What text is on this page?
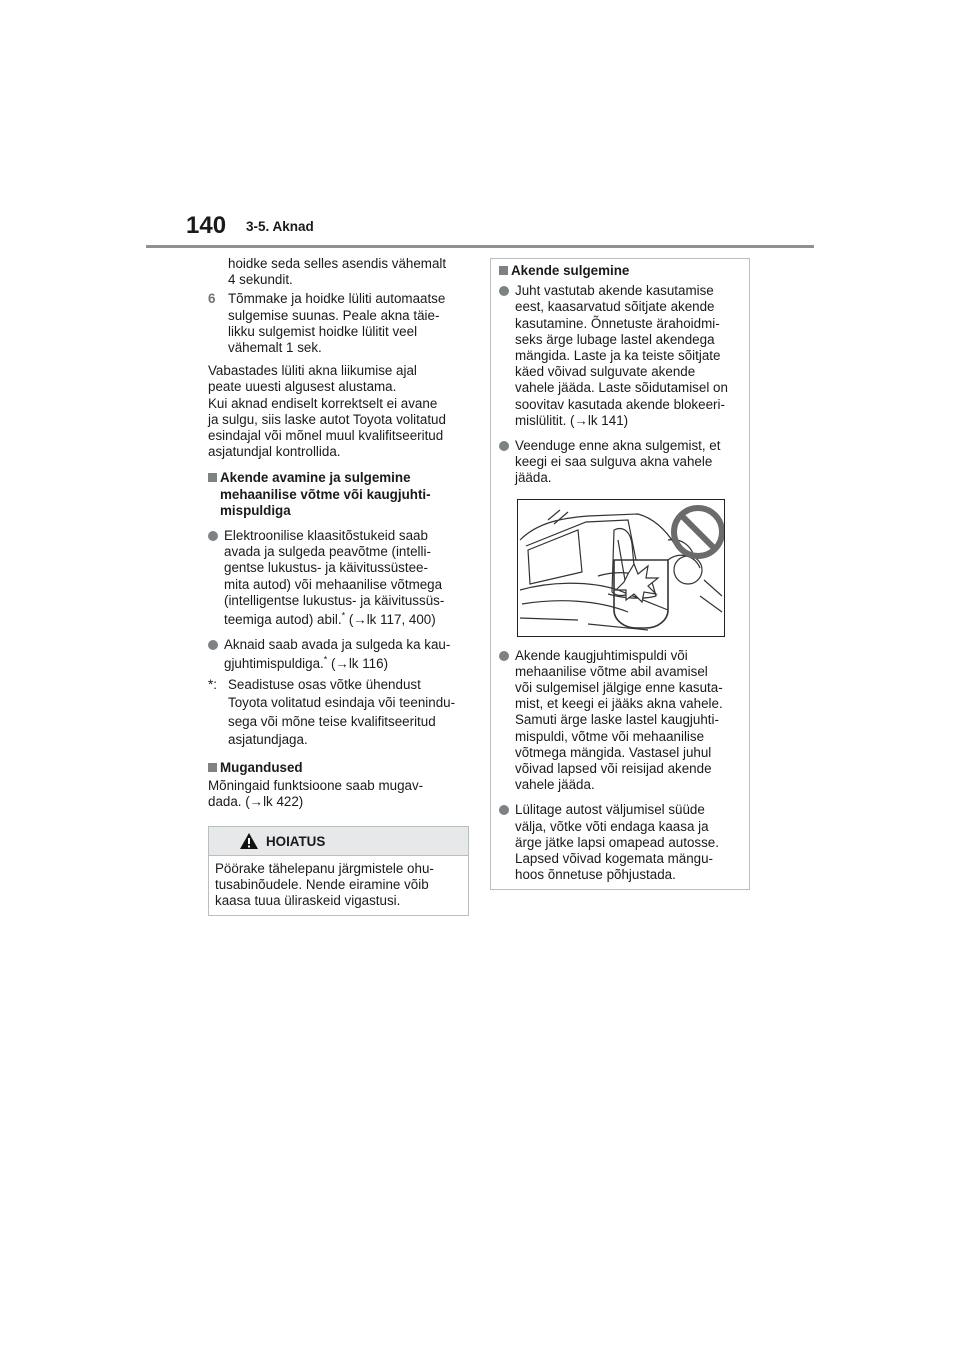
140 3-5. Aknad

hoidke seda selles asendis vähemalt

4 sekundit.

6 Tõmmake ja hoidke lüliti automaatse

sulgemise suunas. Peale akna täie-

likku sulgemist hoidke lülitit veel

vähemalt 1 sek.

Vabastades lüliti akna liikumise ajal

peate uuesti algusest alustama.

Kui aknad endiselt korrektselt ei avane

ja sulgu, siis laske autot Toyota volitatud

esindajal või mõnel muul kvalifitseeritud

asjatundjal kontrollida.

Akende avamine ja sulgemine

mehaanilise võtme või kaugjuhti-

mispuldiga

Elektroonilise klaasitõstukeid saab

avada ja sulgeda peavõtme (intelli-

gentse lukustus- ja käivitussüstee-

mita autod) või mehaanilise võtmega

(intelligentse lukustus- ja käivitussüs-

teemiga autod) abil.* (→lk 117, 400)

Aknaid saab avada ja sulgeda ka kau-

gjuhtimispuldiga.* (→lk 116)

*: Seadistuse osas võtke ühendust

Toyota volitatud esindaja või teenindu-

sega või mõne teise kvalifitseeritud

asjatundjaga.

Mugandused

Mõningaid funktsioone saab mugav-

dada. (→lk 422)

HOIATUS

Pöörake tähelepanu järgmistele ohu-

tusabinõudele. Nende eiramine võib

kaasa tuua üliraskeid vigastusi.

Akende sulgemine

Juht vastutab akende kasutamise

eest, kaasarvatud sõitjate akende

kasutamine. Õnnetuste ärahoidmi-

seks ärge lubage lastel akendega

mängida. Laste ja ka teiste sõitjate

käed võivad sulguvate akende

vahele jääda. Laste sõidutamisel on

soovitav kasutada akende blokeeri-

mislülitit. (→lk 141)

Veenduge enne akna sulgemist, et

keegi ei saa sulguva akna vahele

jääda.

Akende kaugjuhtimispuldi või

mehaanilise võtme abil avamisel

või sulgemisel jälgige enne kasuta-

mist, et keegi ei jääks akna vahele.

Samuti ärge laske lastel kaugjuhti-

mispuldi, võtme või mehaanilise

võtmega mängida. Vastasel juhul

võivad lapsed või reisijad akende

vahele jääda.

Lülitage autost väljumisel süüde

välja, võtke võti endaga kaasa ja

ärge jätke lapsi omapead autosse.

Lapsed võivad kogemata mängu-

hoos õnnetuse põhjustada.
